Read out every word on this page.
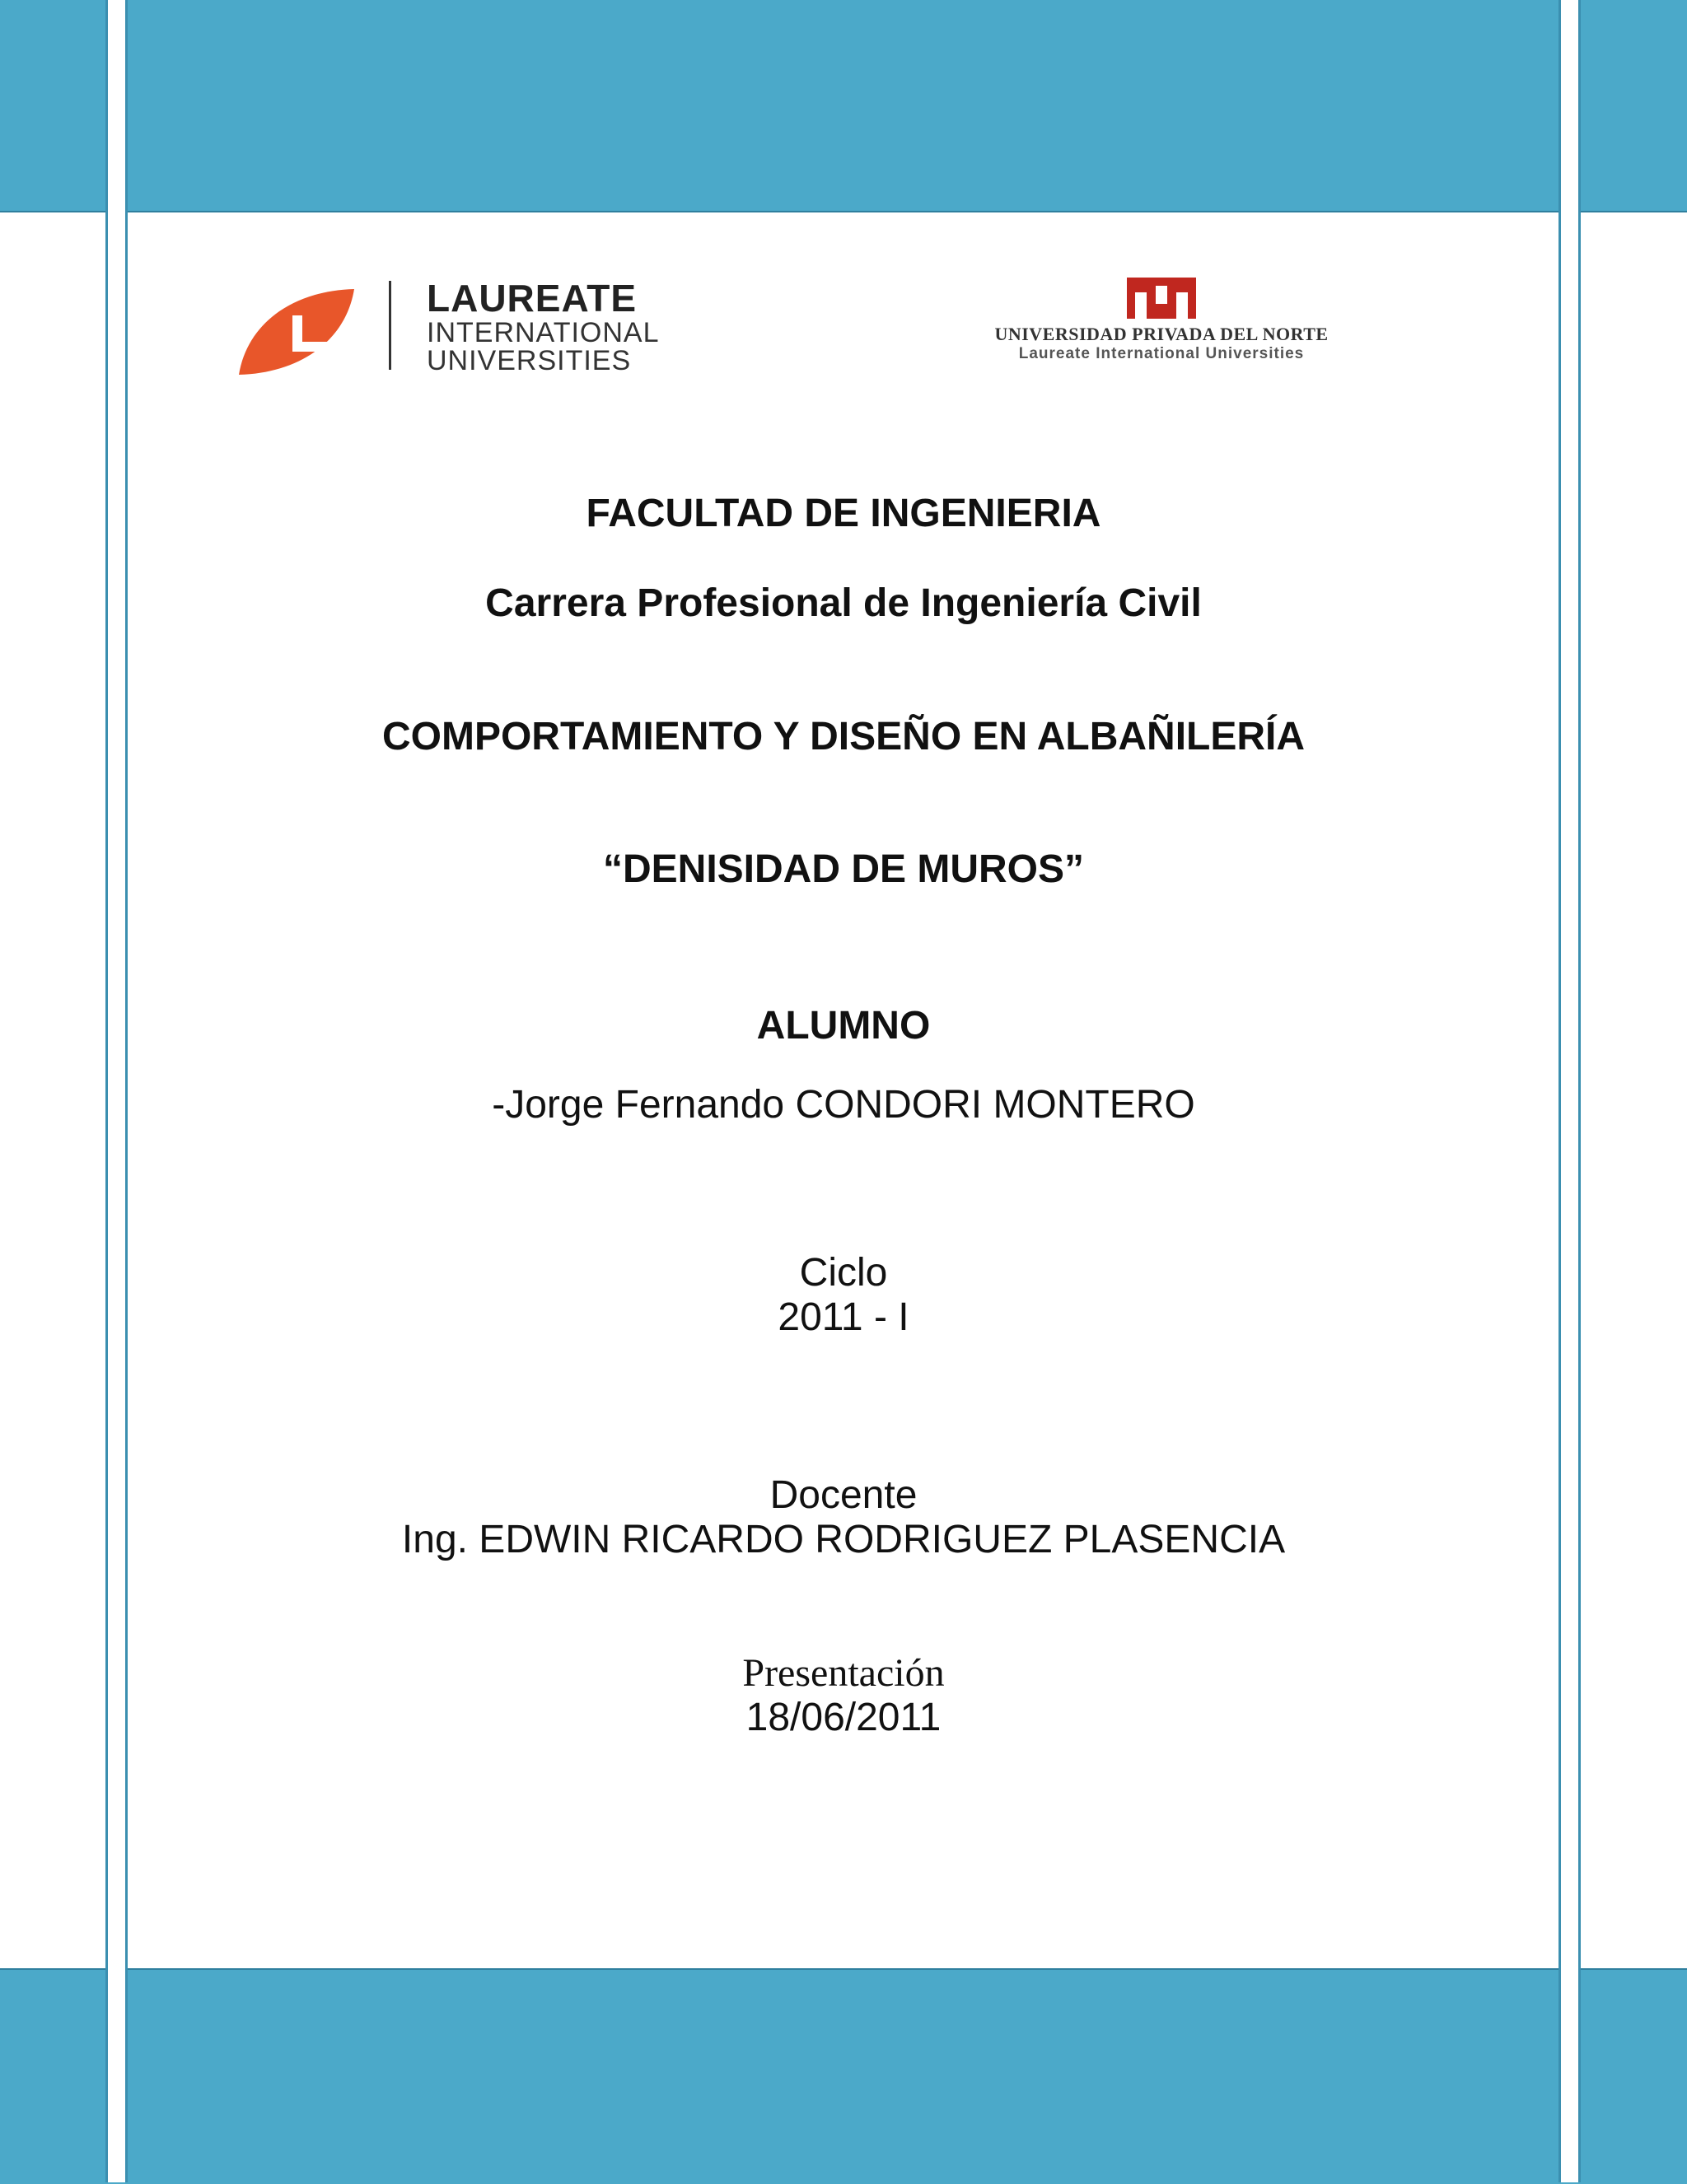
LAUREATE
INTERNATIONAL
UNIVERSITIES
UNIVERSIDAD PRIVADA DEL NORTE
Laureate International Universities
FACULTAD DE INGENIERIA
Carrera Profesional de Ingeniería Civil
COMPORTAMIENTO Y DISEÑO EN ALBAÑILERÍA
“DENISIDAD DE MUROS”
ALUMNO
-Jorge Fernando CONDORI MONTERO
Ciclo
2011 - I
Docente
Ing. EDWIN RICARDO RODRIGUEZ PLASENCIA
Presentación
18/06/2011
